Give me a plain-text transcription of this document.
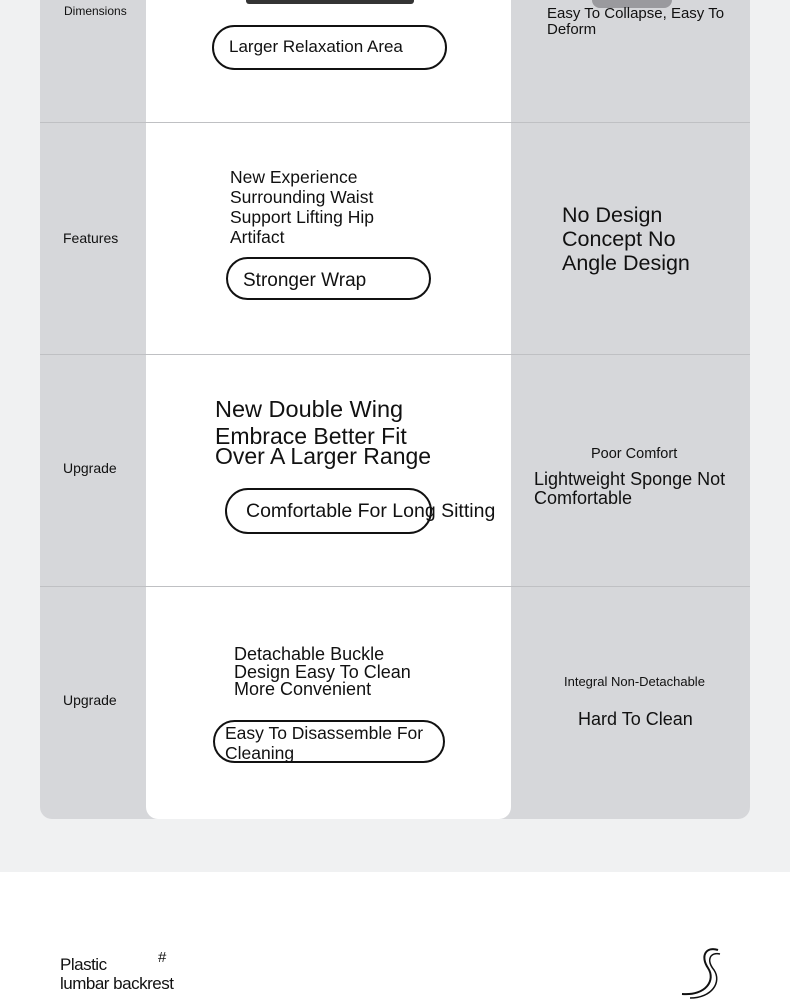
Dimensions
Larger Relaxation Area
Easy To Collapse, Easy To Deform
Features
New Experience Surrounding Waist Support Lifting Hip Artifact
Stronger Wrap
No Design Concept No Angle Design
Upgrade
New Double Wing
Embrace Better Fit Over A Larger Range
Comfortable For Long Sitting
Poor Comfort
Lightweight Sponge Not Comfortable
Upgrade
Detachable Buckle Design Easy To Clean More Convenient
Easy To Disassemble For Cleaning
Integral Non-Detachable
Hard To Clean
Plastic
lumbar backrest
#
